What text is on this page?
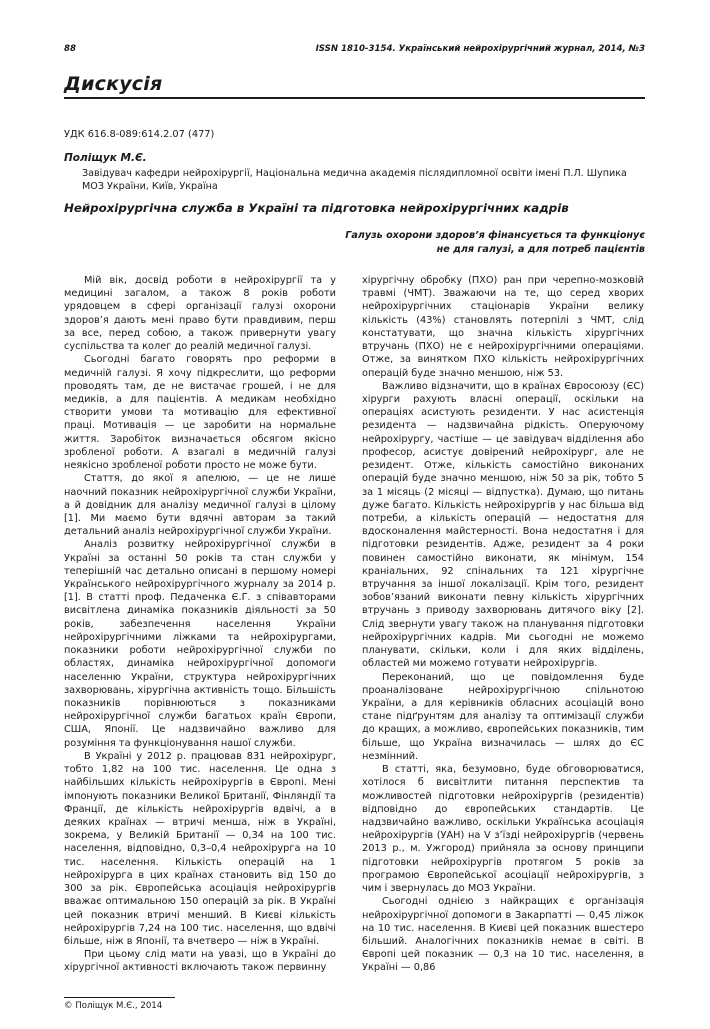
88	ISSN 1810-3154. Український нейрохірургічний журнал, 2014, №3
Дискусія
УДК 616.8-089:614.2.07 (477)
Поліщук М.Є.
Завідувач кафедри нейрохірургії, Національна медична академія післядипломної освіти імені П.Л. Шупика МОЗ України, Київ, Україна
Нейрохірургічна служба в Україні та підготовка нейрохірургічних кадрів
Галузь охорони здоров’я фінансується та функціонує не для галузі, а для потреб пацієнтів

Мій вік, досвід роботи в нейрохірургії та у медицині загалом, а також 8 років роботи урядовцем в сфері організації галузі охорони здоров’я дають мені право бути правдивим, перш за все, перед собою, а також привернути увагу суспільства та колег до реалій медичної галузі.

Сьогодні багато говорять про реформи в медичній галузі. Я хочу підкреслити, що реформи проводять там, де не вистачає грошей, і не для медиків, а для пацієнтів. А медикам необхідно створити умови та мотивацію для ефективної праці. Мотивація — це заробити на нормальне життя. Заробіток визначається обсягом якісно зробленої роботи. А взагалі в медичній галузі неякісно зробленої роботи просто не може бути.

Стаття, до якої я апелюю, — це не лише наочний показник нейрохірургічної служби України, а й довідник для аналізу медичної галузі в цілому [1]. Ми маємо бути вдячні авторам за такий детальний аналіз нейрохірургічної служби України.

Аналіз розвитку нейрохірургічної служби в Україні за останні 50 років та стан служби у теперішній час детально описані в першому номері Українського нейрохірургічного журналу за 2014 р. [1]. В статті проф. Педаченка Є.Г. з співавторами висвітлена динаміка показників діяльності за 50 років, забезпечення населення України нейрохірургічними ліжками та нейрохірургами, показники роботи нейрохірургічної служби по областях, динаміка нейрохірургічної допомоги населенню України, структура нейрохірургічних захворювань, хірургічна активність тощо. Більшість показників порівнюються з показниками нейрохірургічної служби багатьох країн Європи, США, Японії. Це надзвичайно важливо для розуміння та функціонування нашої служби.

В Україні у 2012 р. працював 831 нейрохірург, тобто 1,82 на 100 тис. населення. Це одна з найбільших кількість нейрохірургів в Європі. Мені імпонують показники Великої Британії, Фінляндії та Франції, де кількість нейрохірургів вдвічі, а в деяких країнах — втричі менша, ніж в Україні, зокрема, у Великій Британії — 0,34 на 100 тис. населення, відповідно, 0,3–0,4 нейрохірурга на 10 тис. населення. Кількість операцій на 1 нейрохірурга в цих країнах становить від 150 до 300 за рік. Європейська асоціація нейрохірургів вважає оптимальною 150 операцій за рік. В Україні цей показник втричі менший. В Києві кількість нейрохірургів 7,24 на 100 тис. населення, що вдвічі більше, ніж в Японії, та вчетверо — ніж в Україні.

При цьому слід мати на увазі, що в Україні до хірургічної активності включають також первинну

хірургічну обробку (ПХО) ран при черепно-мозковій травмі (ЧМТ). Зважаючи на те, що серед хворих нейрохірургічних стаціонарів України велику кількість (43%) становлять потерпілі з ЧМТ, слід констатувати, що значна кількість хірургічних втручань (ПХО) не є нейрохірургічними операціями. Отже, за винятком ПХО кількість нейрохірургічних операцій буде значно меншою, ніж 53.

Важливо відзначити, що в країнах Євросоюзу (ЄС) хірурги рахують власні операції, оскільки на операціях асистують резиденти. У нас асистенція резидента — надзвичайна рідкість. Оперуючому нейрохірургу, частіше — це завідувач відділення або професор, асистує довірений нейрохірург, але не резидент. Отже, кількість самостійно виконаних операцій буде значно меншою, ніж 50 за рік, тобто 5 за 1 місяць (2 місяці — відпустка). Думаю, що питань дуже багато. Кількість нейрохірургів у нас більша від потреби, а кількість операцій — недостатня для вдосконалення майстерності. Вона недостатня і для підготовки резидентів. Адже, резидент за 4 роки повинен самостійно виконати, як мінімум, 154 краніальних, 92 спінальних та 121 хірургічне втручання за іншої локалізації. Крім того, резидент зобов’язаний виконати певну кількість хірургічних втручань з приводу захворювань дитячого віку [2]. Слід звернути увагу також на планування підготовки нейрохірургічних кадрів. Ми сьогодні не можемо планувати, скільки, коли і для яких відділень, областей ми можемо готувати нейрохірургів.

Переконаний, що це повідомлення буде проаналізоване нейрохірургічною спільнотою України, а для керівників обласних асоціацій воно стане підґрунтям для аналізу та оптимізації служби до кращих, а можливо, європейських показників, тим більше, що Україна визначилась — шлях до ЄС незмінний.

В статті, яка, безумовно, буде обговорюватися, хотілося б висвітлити питання перспектив та можливостей підготовки нейрохірургів (резидентів) відповідно до європейських стандартів. Це надзвичайно важливо, оскільки Українська асоціація нейрохірургів (УАН) на V з’їзді нейрохірургів (червень 2013 р., м. Ужгород) прийняла за основу принципи підготовки нейрохірургів протягом 5 років за програмою Європейської асоціації нейрохірургів, з чим і звернулась до МОЗ України.

Сьогодні однією з найкращих є організація нейрохірургічної допомоги в Закарпатті — 0,45 ліжок на 10 тис. населення. В Києві цей показник вшестеро більший. Аналогічних показників немає в світі. В Європі цей показник — 0,3 на 10 тис. населення, в Україні — 0,86

© Поліщук М.Є., 2014
